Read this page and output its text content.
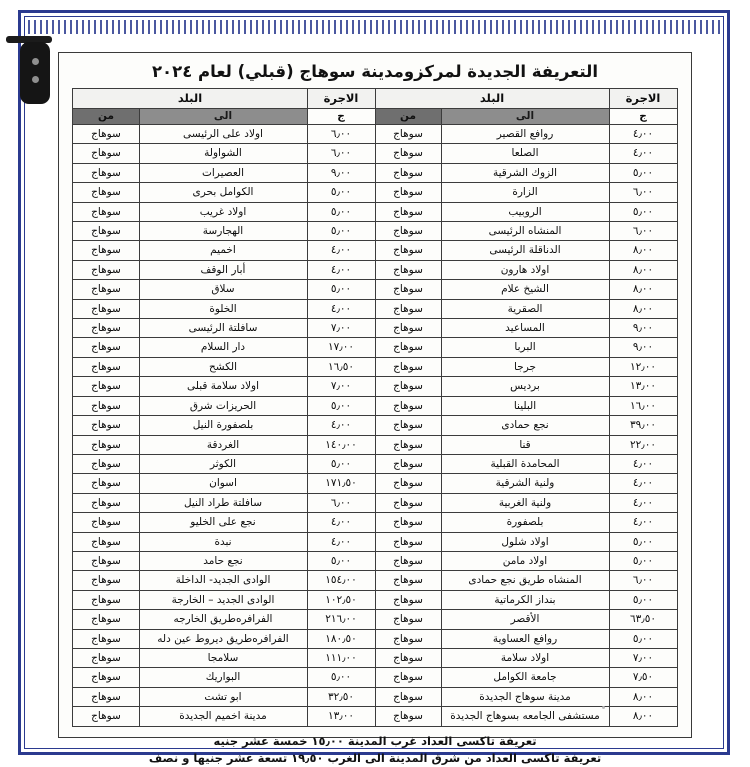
التعريفة الجديدة لمركزومدينة سوهاج (قبلي) لعام ٢٠٢٤
الاجرة	البلد		الاجرة	البلد	
ج	الى	من	ج	الى	من
٤٫٠٠	روافع القصير	سوهاج	٦٫٠٠	اولاد على الرئيسى	سوهاج
٤٫٠٠	الصلعا	سوهاج	٦٫٠٠	الشواولة	سوهاج
٥٫٠٠	الزوك الشرقية	سوهاج	٩٫٠٠	العصيرات	سوهاج
٦٫٠٠	الزارة	سوهاج	٥٫٠٠	الكوامل بحرى	سوهاج
٥٫٠٠	الروبيب	سوهاج	٥٫٠٠	اولاد غريب	سوهاج
٦٫٠٠	المنشاه الرئيسى	سوهاج	٥٫٠٠	الهجارسة	سوهاج
٨٫٠٠	الدناقلة الرئيسى	سوهاج	٤٫٠٠	اخميم	سوهاج
٨٫٠٠	اولاد هارون	سوهاج	٤٫٠٠	أبار الوقف	سوهاج
٨٫٠٠	الشيخ علام	سوهاج	٥٫٠٠	سلاق	سوهاج
٨٫٠٠	الصقرية	سوهاج	٤٫٠٠	الخلوة	سوهاج
٩٫٠٠	المساعيد	سوهاج	٧٫٠٠	سافلتة الرئيسى	سوهاج
٩٫٠٠	البربا	سوهاج	١٧٫٠٠	دار السلام	سوهاج
١٢٫٠٠	جرجا	سوهاج	١٦٫٥٠	الكشح	سوهاج
١٣٫٠٠	برديس	سوهاج	٧٫٠٠	اولاد سلامة قبلى	سوهاج
١٦٫٠٠	البلينا	سوهاج	٥٫٠٠	الحريزات شرق	سوهاج
٣٩٫٠٠	نجع حمادى	سوهاج	٤٫٠٠	بلصفورة النيل	سوهاج
٢٢٫٠٠	قنا	سوهاج	١٤٠٫٠٠	الغردقة	سوهاج
٤٫٠٠	المحامدة القبلية	سوهاج	٥٫٠٠	الكوثر	سوهاج
٤٫٠٠	ولنية الشرقية	سوهاج	١٧١٫٥٠	اسوان	سوهاج
٤٫٠٠	ولنية الغربية	سوهاج	٦٫٠٠	سافلتة طراد النيل	سوهاج
٤٫٠٠	بلصفورة	سوهاج	٤٫٠٠	نجع على الخليو	سوهاج
٥٫٠٠	اولاد شلول	سوهاج	٤٫٠٠	نبدة	سوهاج
٥٫٠٠	اولاد مامن	سوهاج	٥٫٠٠	نجع حامد	سوهاج
٦٫٠٠	المنشاه طريق نجع حمادى	سوهاج	١٥٤٫٠٠	الوادى الجديد- الداخلة	سوهاج
٥٫٠٠	بنداز الكرماتية	سوهاج	١٠٢٫٥٠	الوادى الجديد – الخارجة	سوهاج
٦٣٫٥٠	الأقصر	سوهاج	٢١٦٫٠٠	الفرافرەطريق الخارجه	سوهاج
٥٫٠٠	روافع العساوية	سوهاج	١٨٠٫٥٠	الفرافرەطريق ديروط عين دله	سوهاج
٧٫٠٠	اولاد سلامة	سوهاج	١١١٫٠٠	سلامجا	سوهاج
٧٫٥٠	جامعة الكوامل	سوهاج	٥٫٠٠	البواريك	سوهاج
٨٫٠٠	مدينة سوهاج الجديدة	سوهاج	٣٢٫٥٠	ابو تشت	سوهاج
٨٫٠٠	مستشفى الجامعه بسوهاج الجديدة	سوهاج	١٣٫٠٠	مدينة اخميم الجديدة	سوهاج
تعريفة تاكسى العداد غرب المدينة ١٥٫٠٠ خمسة عشر جنيه
تعريفة تاكسى العداد من شرق المدينة الى الغرب ١٩٫٥٠ تسعة عشر جنيها و نصف
